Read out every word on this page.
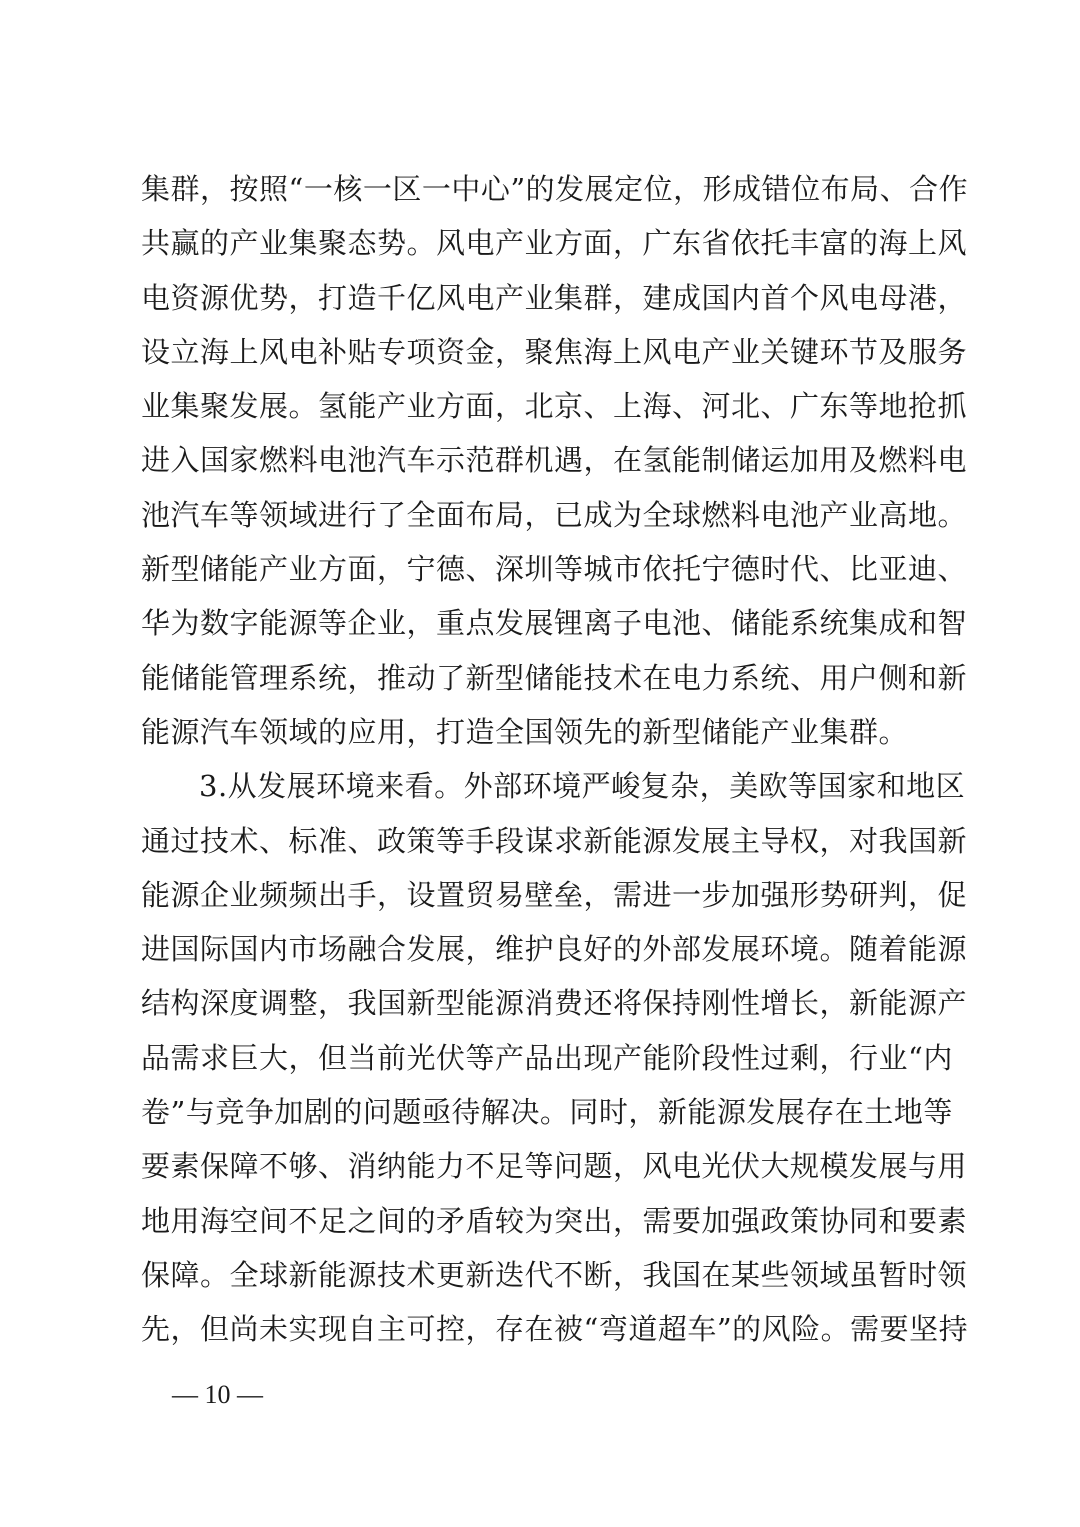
集群，按照“一核一区一中心”的发展定位，形成错位布局、合作
共赢的产业集聚态势。风电产业方面，广东省依托丰富的海上风
电资源优势，打造千亿风电产业集群，建成国内首个风电母港，
设立海上风电补贴专项资金，聚焦海上风电产业关键环节及服务
业集聚发展。氢能产业方面，北京、上海、河北、广东等地抢抓
进入国家燃料电池汽车示范群机遇，在氢能制储运加用及燃料电
池汽车等领域进行了全面布局，已成为全球燃料电池产业高地。
新型储能产业方面，宁德、深圳等城市依托宁德时代、比亚迪、
华为数字能源等企业，重点发展锂离子电池、储能系统集成和智
能储能管理系统，推动了新型储能技术在电力系统、用户侧和新
能源汽车领域的应用，打造全国领先的新型储能产业集群。
3.从发展环境来看。外部环境严峻复杂，美欧等国家和地区
通过技术、标准、政策等手段谋求新能源发展主导权，对我国新
能源企业频频出手，设置贸易壁垒，需进一步加强形势研判，促
进国际国内市场融合发展，维护良好的外部发展环境。随着能源
结构深度调整，我国新型能源消费还将保持刚性增长，新能源产
品需求巨大，但当前光伏等产品出现产能阶段性过剩，行业“内
卷”与竞争加剧的问题亟待解决。同时，新能源发展存在土地等
要素保障不够、消纳能力不足等问题，风电光伏大规模发展与用
地用海空间不足之间的矛盾较为突出，需要加强政策协同和要素
保障。全球新能源技术更新迭代不断，我国在某些领域虽暂时领
先，但尚未实现自主可控，存在被“弯道超车”的风险。需要坚持
— 10 —
